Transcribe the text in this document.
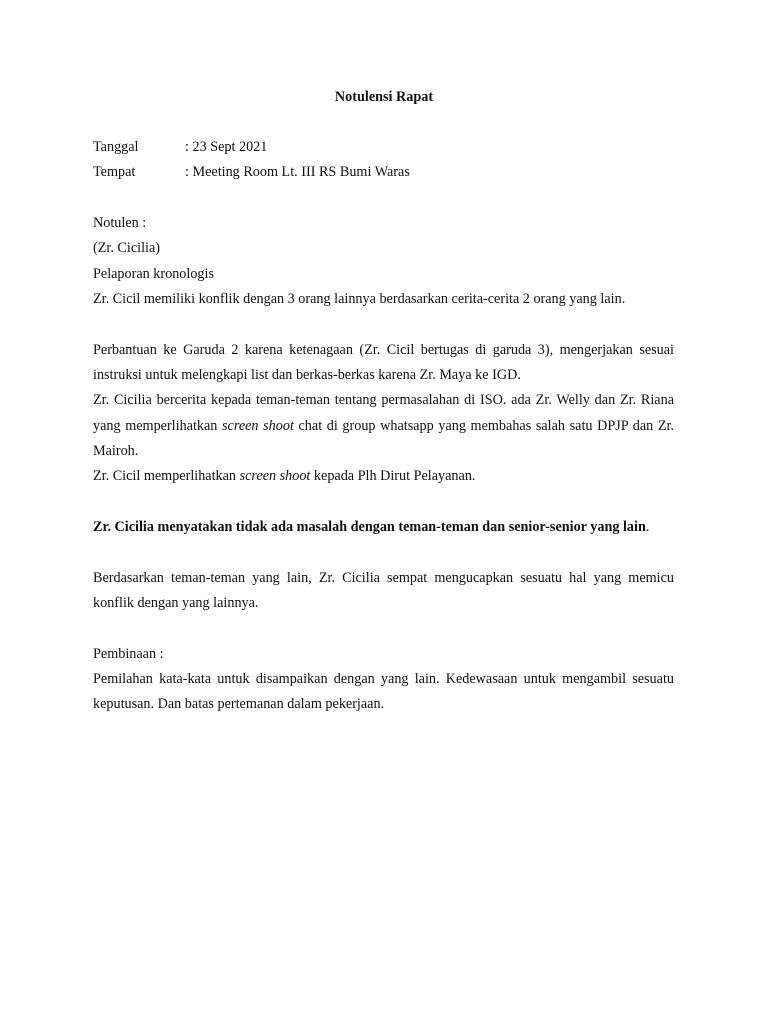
Notulensi Rapat
Tanggal	: 23 Sept 2021
Tempat	: Meeting Room Lt. III RS Bumi Waras
Notulen :
(Zr. Cicilia)
Pelaporan kronologis
Zr. Cicil memiliki konflik dengan 3 orang lainnya berdasarkan cerita-cerita 2 orang yang lain.

Perbantuan ke Garuda 2 karena ketenagaan (Zr. Cicil bertugas di garuda 3), mengerjakan sesuai instruksi untuk melengkapi list dan berkas-berkas karena Zr. Maya ke IGD.

Zr. Cicilia bercerita kepada teman-teman tentang permasalahan di ISO. ada Zr. Welly dan Zr. Riana yang memperlihatkan screen shoot chat di group whatsapp yang membahas salah satu DPJP dan Zr. Mairoh.

Zr. Cicil memperlihatkan screen shoot kepada Plh Dirut Pelayanan.

Zr. Cicilia menyatakan tidak ada masalah dengan teman-teman dan senior-senior yang lain.

Berdasarkan teman-teman yang lain, Zr. Cicilia sempat mengucapkan sesuatu hal yang memicu konflik dengan yang lainnya.

Pembinaan :

Pemilahan kata-kata untuk disampaikan dengan yang lain. Kedewasaan untuk mengambil sesuatu keputusan. Dan batas pertemanan dalam pekerjaan.
